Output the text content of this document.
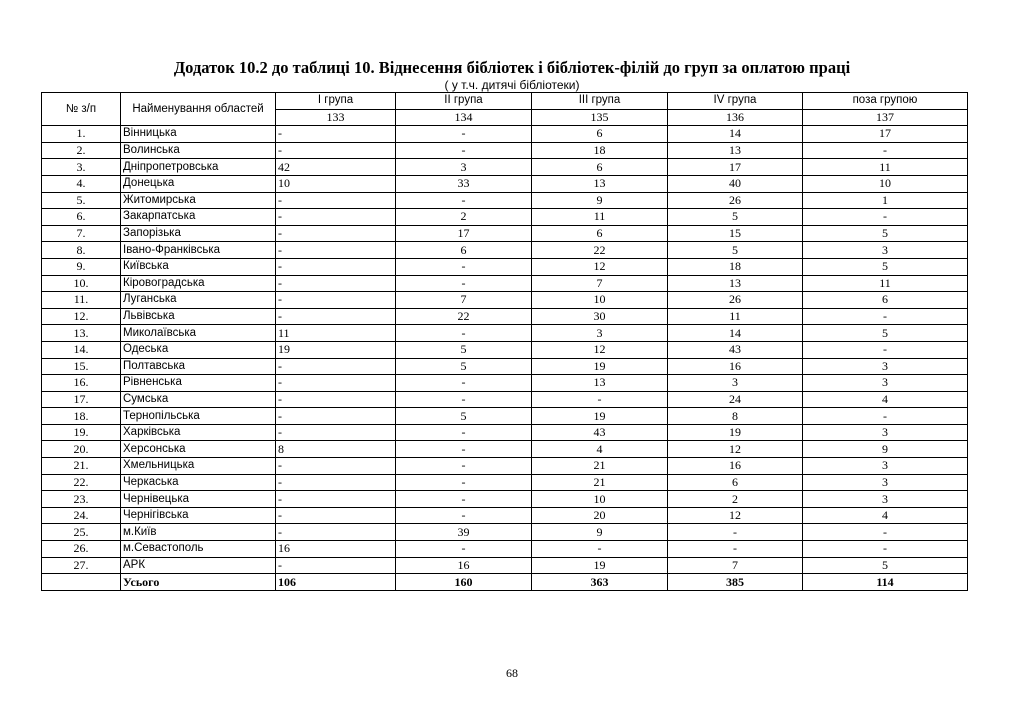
Додаток 10.2 до таблиці 10. Віднесення бібліотек і бібліотек-філій до груп за оплатою праці
( у т.ч. дитячі бібліотеки)
№ з/п	Найменування областей	І група	ІІ група	ІІІ група	IV група	поза групою
		133	134	135	136	137
1.	Вінницька	-	-	6	14	17
2.	Волинська	-	-	18	13	-
3.	Дніпропетровська	42	3	6	17	11
4.	Донецька	10	33	13	40	10
5.	Житомирська	-	-	9	26	1
6.	Закарпатська	-	2	11	5	-
7.	Запорізька	-	17	6	15	5
8.	Івано-Франківська	-	6	22	5	3
9.	Київська	-	-	12	18	5
10.	Кіровоградська	-	-	7	13	11
11.	Луганська	-	7	10	26	6
12.	Львівська	-	22	30	11	-
13.	Миколаївська	11	-	3	14	5
14.	Одеська	19	5	12	43	-
15.	Полтавська	-	5	19	16	3
16.	Рівненська	-	-	13	3	3
17.	Сумська	-	-	-	24	4
18.	Тернопільська	-	5	19	8	-
19.	Харківська	-	-	43	19	3
20.	Херсонська	8	-	4	12	9
21.	Хмельницька	-	-	21	16	3
22.	Черкаська	-	-	21	6	3
23.	Чернівецька	-	-	10	2	3
24.	Чернігівська	-	-	20	12	4
25.	м.Київ	-	39	9	-	-
26.	м.Севастополь	16	-	-	-	-
27.	АРК	-	16	19	7	5
	Усього	106	160	363	385	114
68
